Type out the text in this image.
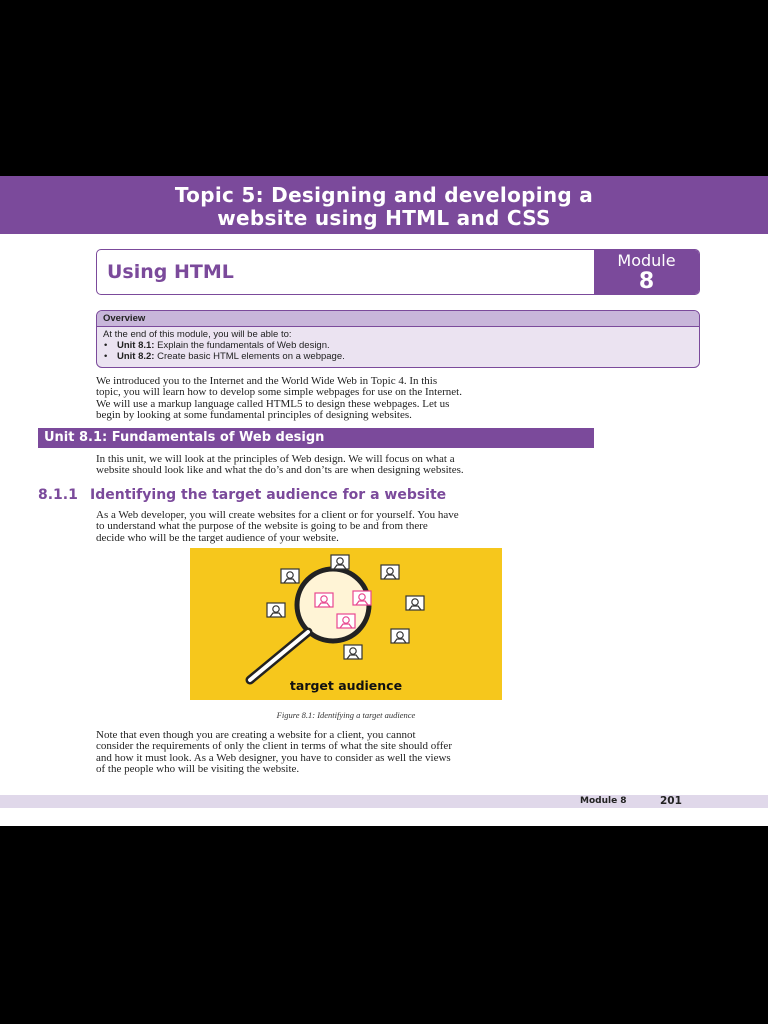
Topic 5: Designing and developing a
website using HTML and CSS
Using HTML
Module
8
Overview
At the end of this module, you will be able to:
• Unit 8.1: Explain the fundamentals of Web design.
• Unit 8.2: Create basic HTML elements on a webpage.
We introduced you to the Internet and the World Wide Web in Topic 4. In this
topic, you will learn how to develop some simple webpages for use on the Internet.
We will use a markup language called HTML5 to design these webpages. Let us
begin by looking at some fundamental principles of designing websites.
Unit 8.1: Fundamentals of Web design
In this unit, we will look at the principles of Web design. We will focus on what a
website should look like and what the do’s and don’ts are when designing websites.
8.1.1 Identifying the target audience for a website
As a Web developer, you will create websites for a client or for yourself. You have
to understand what the purpose of the website is going to be and from there
decide who will be the target audience of your website.
target audience
Figure 8.1: Identifying a target audience
Note that even though you are creating a website for a client, you cannot
consider the requirements of only the client in terms of what the site should offer
and how it must look. As a Web designer, you have to consider as well the views
of the people who will be visiting the website.
Module 8	201
